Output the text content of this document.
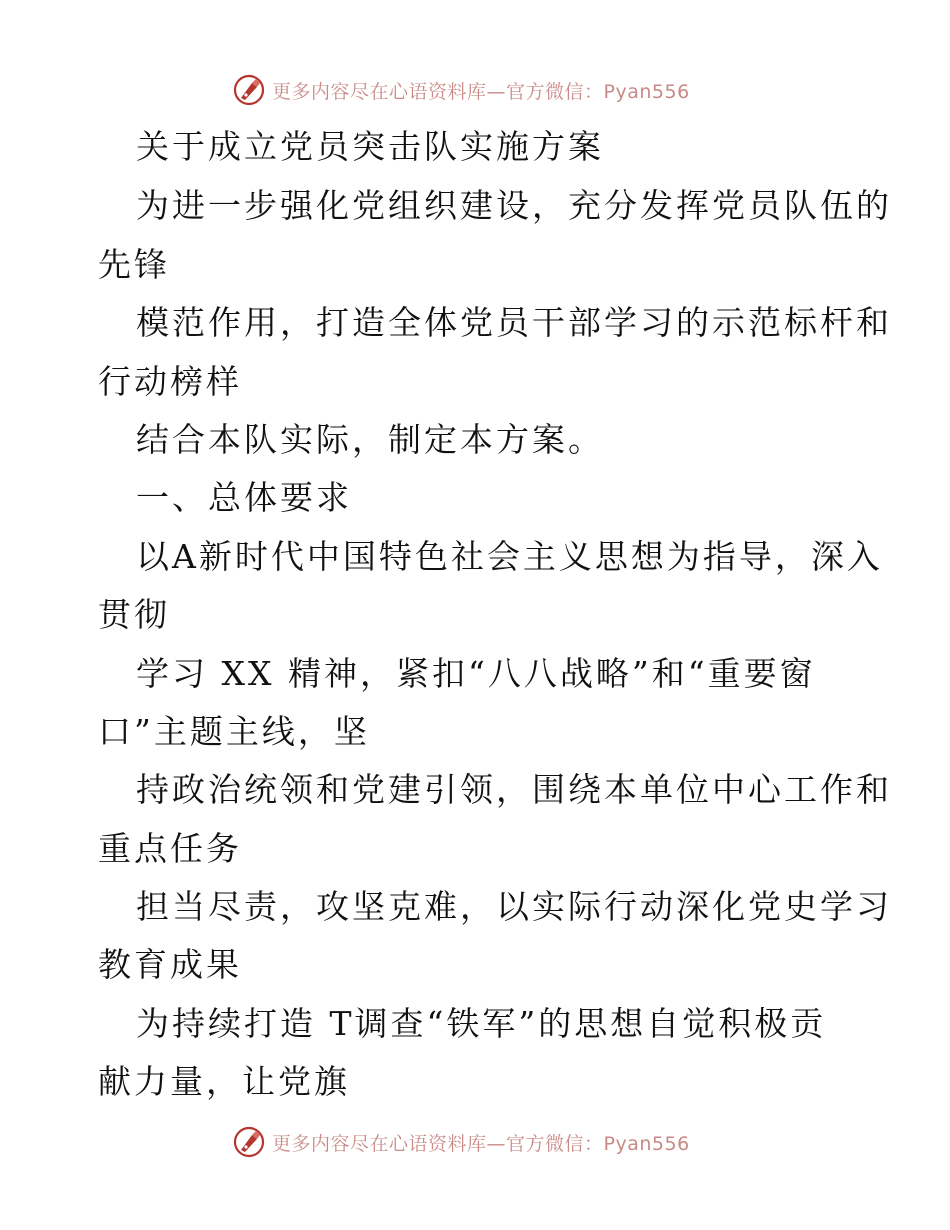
更多内容尽在心语资料库—官方微信：Pyan556
关于成立党员突击队实施方案
为进一步强化党组织建设，充分发挥党员队伍的
先锋
模范作用，打造全体党员干部学习的示范标杆和
行动榜样
结合本队实际，制定本方案。
一、总体要求
以A新时代中国特色社会主义思想为指导，深入
贯彻
学习 XX 精神，紧扣“八八战略”和“重要窗
口”主题主线，坚
持政治统领和党建引领，围绕本单位中心工作和
重点任务
担当尽责，攻坚克难，以实际行动深化党史学习
教育成果
为持续打造 T调查“铁军”的思想自觉积极贡
献力量，让党旗
更多内容尽在心语资料库—官方微信：Pyan556
